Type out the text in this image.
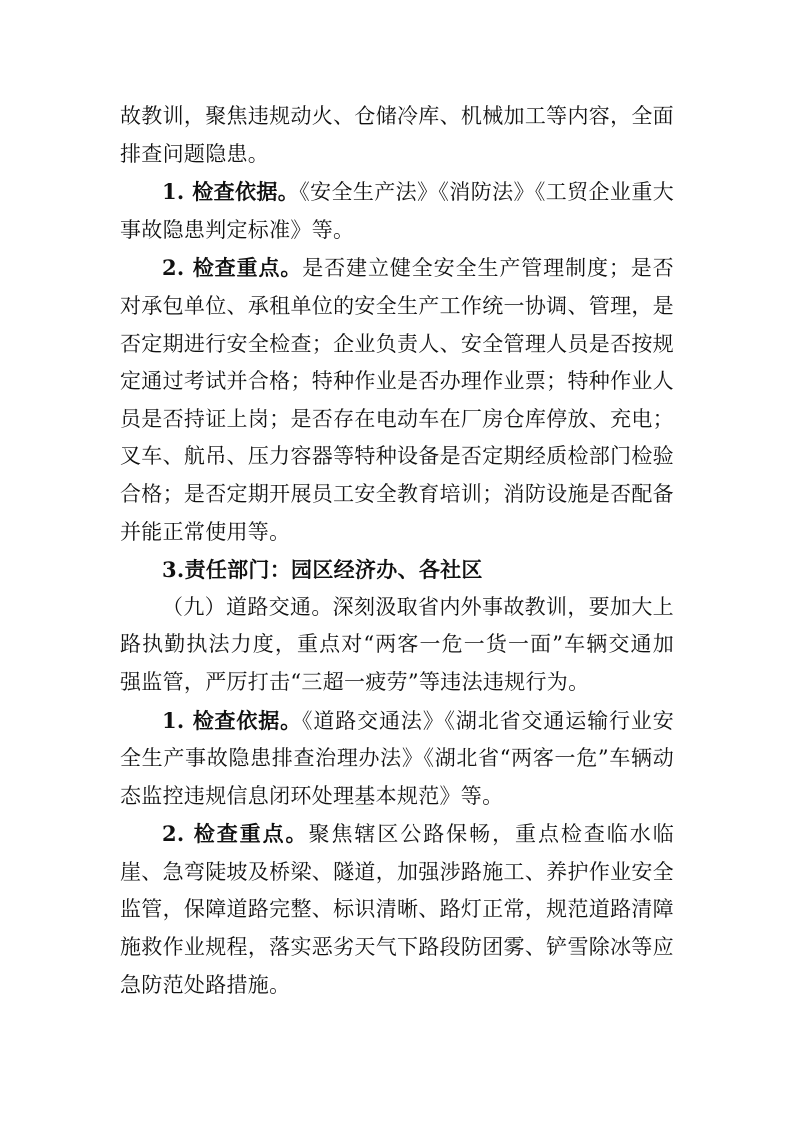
故教训，聚焦违规动火、仓储冷库、机械加工等内容，全面排查问题隐患。

1. 检查依据。《安全生产法》《消防法》《工贸企业重大事故隐患判定标准》等。

2. 检查重点。是否建立健全安全生产管理制度；是否对承包单位、承租单位的安全生产工作统一协调、管理，是否定期进行安全检查；企业负责人、安全管理人员是否按规定通过考试并合格；特种作业是否办理作业票；特种作业人员是否持证上岗；是否存在电动车在厂房仓库停放、充电；叉车、航吊、压力容器等特种设备是否定期经质检部门检验合格；是否定期开展员工安全教育培训；消防设施是否配备并能正常使用等。

3.责任部门：园区经济办、各社区

（九）道路交通。深刻汲取省内外事故教训，要加大上路执勤执法力度，重点对“两客一危一货一面”车辆交通加强监管，严厉打击“三超一疲劳”等违法违规行为。

1. 检查依据。《道路交通法》《湖北省交通运输行业安全生产事故隐患排查治理办法》《湖北省“两客一危”车辆动态监控违规信息闭环处理基本规范》等。

2. 检查重点。聚焦辖区公路保畅，重点检查临水临崖、急弯陡坡及桥梁、隧道，加强涉路施工、养护作业安全监管，保障道路完整、标识清晰、路灯正常，规范道路清障施救作业规程，落实恶劣天气下路段防团雾、铲雪除冰等应急防范处路措施。
